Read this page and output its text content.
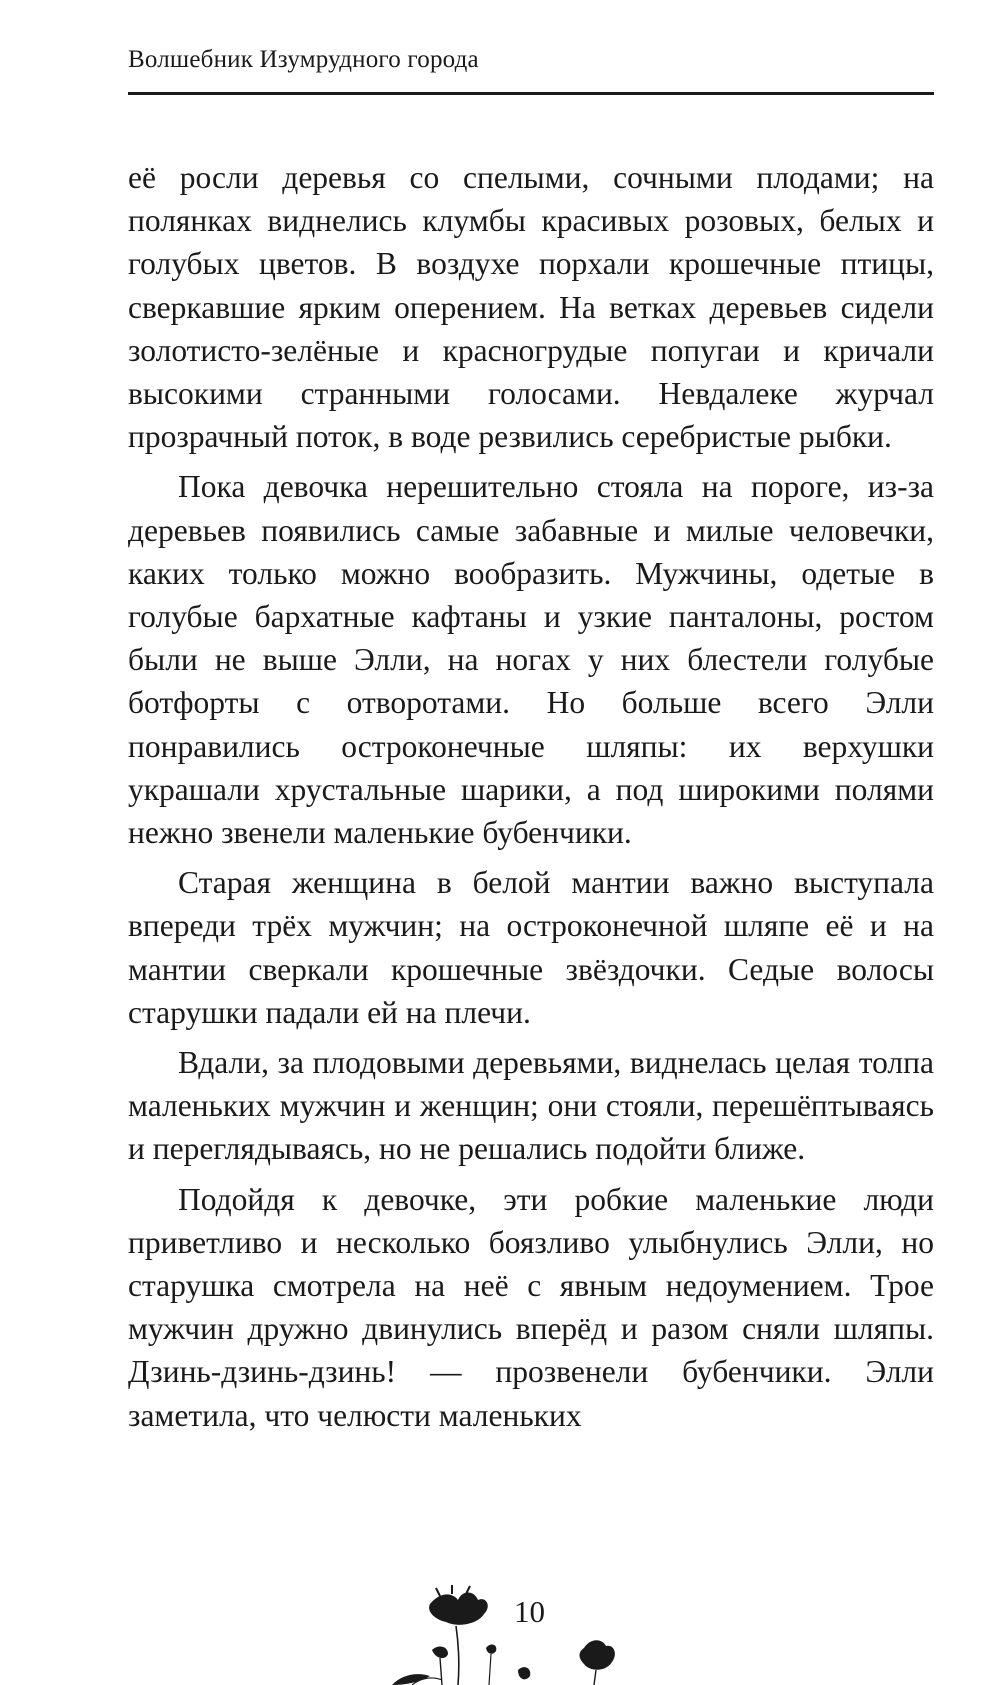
Волшебник Изумрудного города

её росли деревья со спелыми, сочными плодами; на полянках виднелись клумбы красивых розовых, белых и голубых цветов. В воздухе порхали крошечные птицы, сверкавшие ярким оперением. На ветках деревьев сидели золотисто-зелёные и красногрудые попугаи и кричали высокими странными голосами. Невдалеке журчал прозрачный поток, в воде резвились серебристые рыбки.

Пока девочка нерешительно стояла на пороге, из-за деревьев появились самые забавные и милые человечки, каких только можно вообразить. Мужчины, одетые в голубые бархатные кафтаны и узкие панталоны, ростом были не выше Элли, на ногах у них блестели голубые ботфорты с отворотами. Но больше всего Элли понравились остроконечные шляпы: их верхушки украшали хрустальные шарики, а под широкими полями нежно звенели маленькие бубенчики.

Старая женщина в белой мантии важно выступала впереди трёх мужчин; на остроконечной шляпе её и на мантии сверкали крошечные звёздочки. Седые волосы старушки падали ей на плечи.

Вдали, за плодовыми деревьями, виднелась целая толпа маленьких мужчин и женщин; они стояли, перешёптываясь и переглядываясь, но не решались подойти ближе.

Подойдя к девочке, эти робкие маленькие люди приветливо и несколько боязливо улыбнулись Элли, но старушка смотрела на неё с явным недоумением. Трое мужчин дружно двинулись вперёд и разом сняли шляпы. Дзинь-дзинь-дзинь! — прозвенели бубенчики. Элли заметила, что челюсти маленьких

10
